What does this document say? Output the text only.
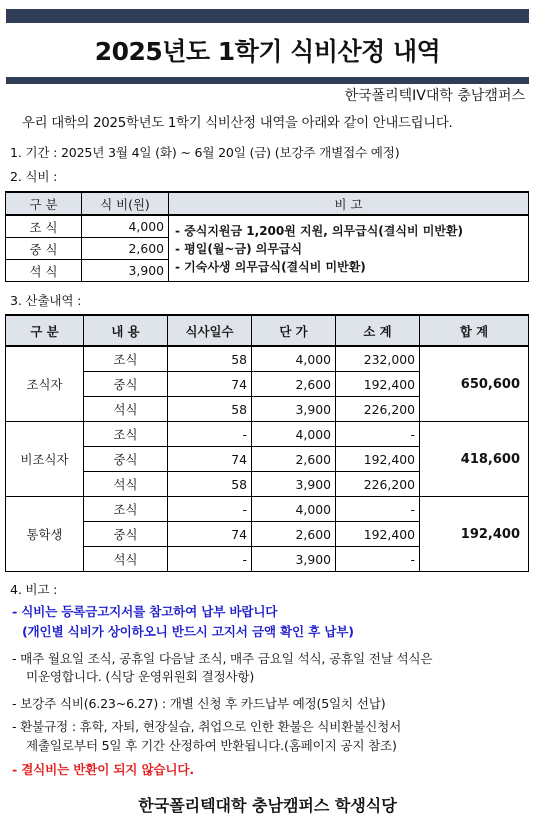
2025년도 1학기 식비산정 내역
한국폴리텍IV대학 충남캠퍼스
우리 대학의 2025학년도 1학기 식비산정 내역을 아래와 같이 안내드립니다.
1. 기간 : 2025년 3월 4일 (화) ~ 6월 20일 (금) (보강주 개별접수 예정)
2. 식비 :
구 분	식 비(원)	비 고
조 식	4,000	- 중식지원금 1,200원 지원, 의무급식(결식비 미반환)
- 평일(월~금) 의무급식
- 기숙사생 의무급식(결식비 미반환)

중 식	2,600	
석 식	3,900	
3. 산출내역 :
구 분	내 용	식사일수	단 가	소 계	합 계
조식자	조식	58	4,000	232,000	650,600
	중식	74	2,600	192,400	
	석식	58	3,900	226,200	
비조식자	조식	-	4,000	-	418,600
	중식	74	2,600	192,400	
	석식	58	3,900	226,200	
통학생	조식	-	4,000	-	192,400
	중식	74	2,600	192,400	
	석식	-	3,900	-	
4. 비고 :
- 식비는 등록금고지서를 참고하여 납부 바랍니다
(개인별 식비가 상이하오니 반드시 고지서 금액 확인 후 납부)
- 매주 월요일 조식, 공휴일 다음날 조식, 매주 금요일 석식, 공휴일 전날 석식은
미운영합니다. (식당 운영위원회 결정사항)
- 보강주 식비(6.23~6.27) : 개별 신청 후 카드납부 예정(5일치 선납)
- 환불규정 : 휴학, 자퇴, 현장실습, 취업으로 인한 환불은 식비환불신청서
제출일로부터 5일 후 기간 산정하여 반환됩니다.(홈페이지 공지 참조)
- 결식비는 반환이 되지 않습니다.
한국폴리텍대학 충남캠퍼스 학생식당
